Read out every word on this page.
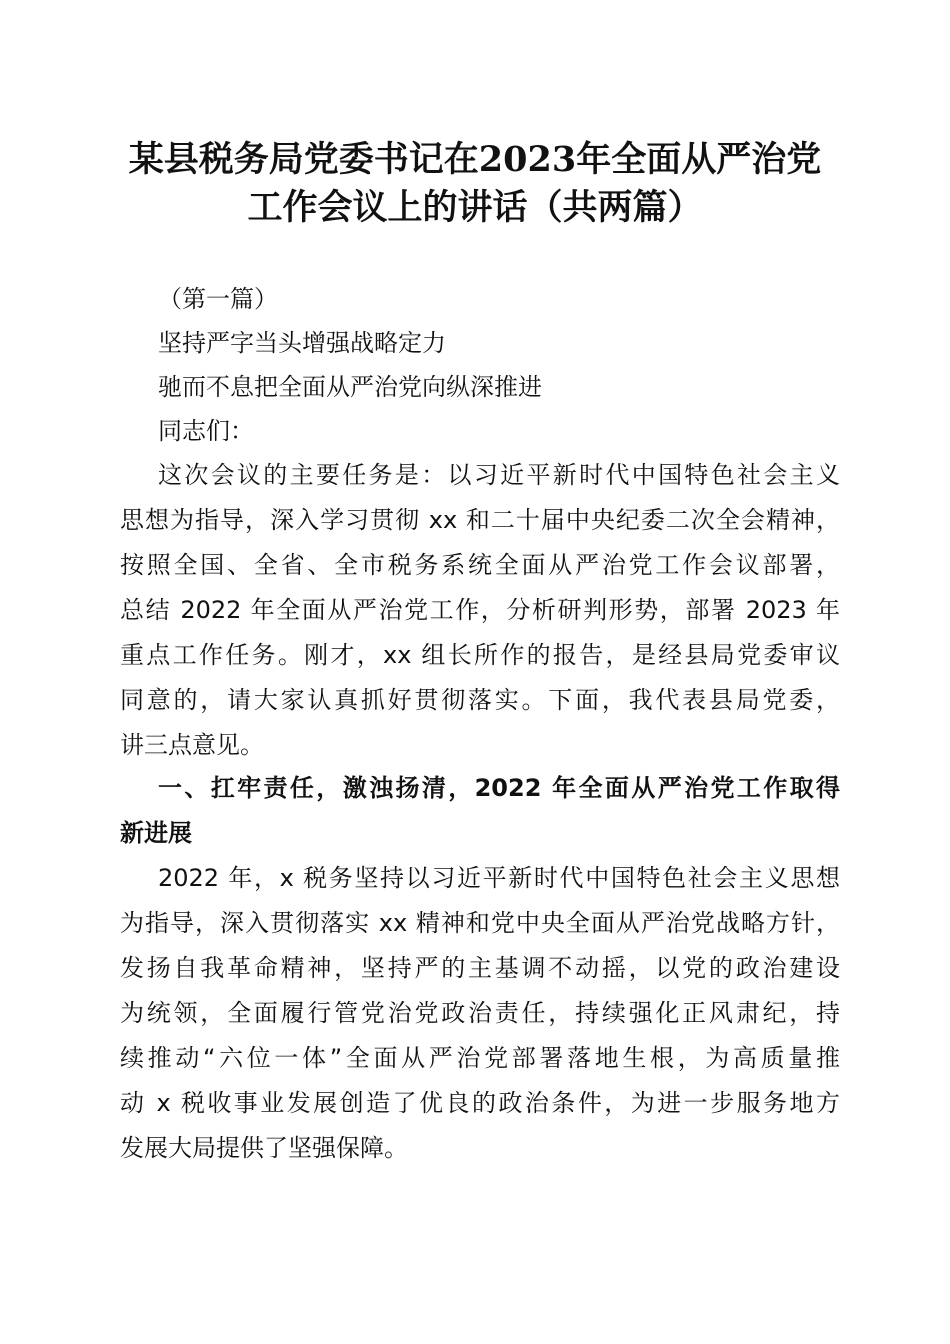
某县税务局党委书记在2023年全面从严治党
工作会议上的讲话（共两篇）
（第一篇）
坚持严字当头增强战略定力
驰而不息把全面从严治党向纵深推进
同志们：
这次会议的主要任务是：以习近平新时代中国特色社会主义
思想为指导，深入学习贯彻 xx 和二十届中央纪委二次全会精神，
按照全国、全省、全市税务系统全面从严治党工作会议部署，
总结 2022 年全面从严治党工作，分析研判形势，部署 2023 年
重点工作任务。刚才，xx 组长所作的报告，是经县局党委审议
同意的，请大家认真抓好贯彻落实。下面，我代表县局党委，
讲三点意见。
一、扛牢责任，激浊扬清，2022 年全面从严治党工作取得
新进展
2022 年，x 税务坚持以习近平新时代中国特色社会主义思想
为指导，深入贯彻落实 xx 精神和党中央全面从严治党战略方针，
发扬自我革命精神，坚持严的主基调不动摇，以党的政治建设
为统领，全面履行管党治党政治责任，持续强化正风肃纪，持
续推动“六位一体”全面从严治党部署落地生根，为高质量推
动 x 税收事业发展创造了优良的政治条件，为进一步服务地方
发展大局提供了坚强保障。
